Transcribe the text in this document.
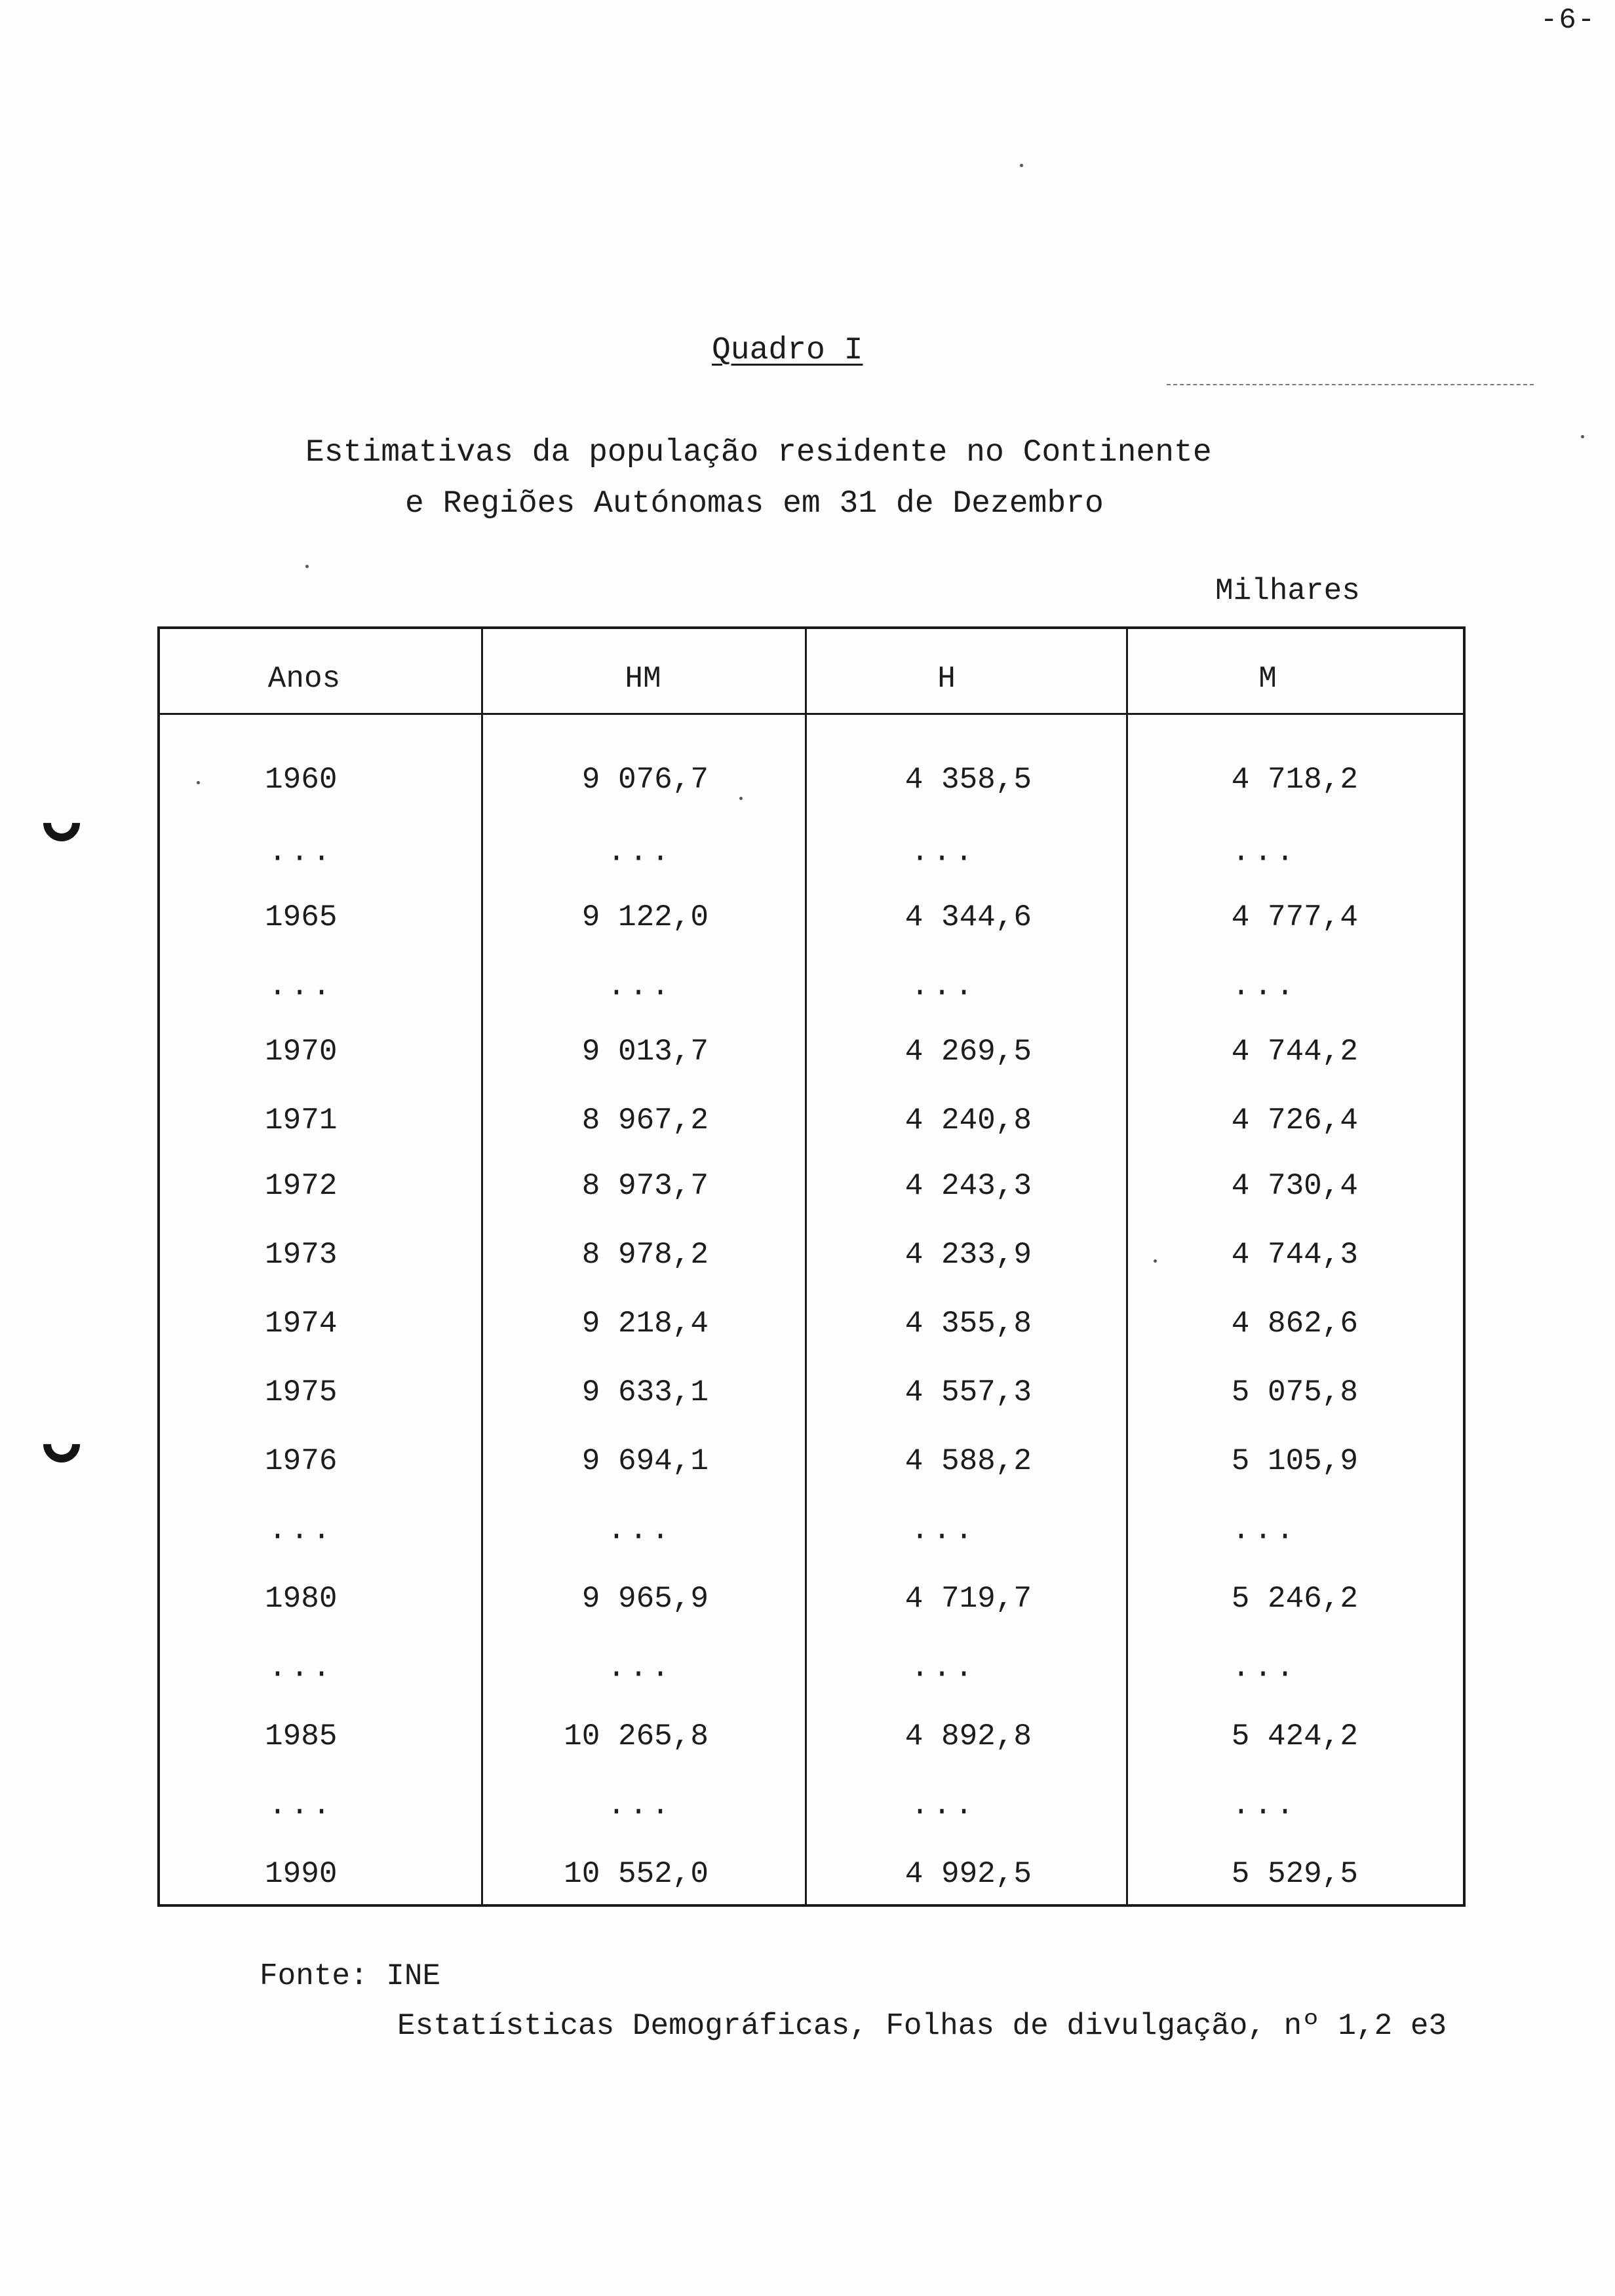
-6-
Quadro I
Estimativas da população residente no Continente
e Regiões Autónomas em 31 de Dezembro
Milhares
Anos	HM	H	M
1960	9 076,7	4 358,5	4 718,2
...	...	...	...
1965	9 122,0	4 344,6	4 777,4
...	...	...	...
1970	9 013,7	4 269,5	4 744,2
1971	8 967,2	4 240,8	4 726,4
1972	8 973,7	4 243,3	4 730,4
1973	8 978,2	4 233,9	4 744,3
1974	9 218,4	4 355,8	4 862,6
1975	9 633,1	4 557,3	5 075,8
1976	9 694,1	4 588,2	5 105,9
...	...	...	...
1980	9 965,9	4 719,7	5 246,2
...	...	...	...
1985	10 265,8	4 892,8	5 424,2
...	...	...	...
1990	10 552,0	4 992,5	5 529,5
Fonte: INE
Estatísticas Demográficas, Folhas de divulgação, nº 1,2 e3
